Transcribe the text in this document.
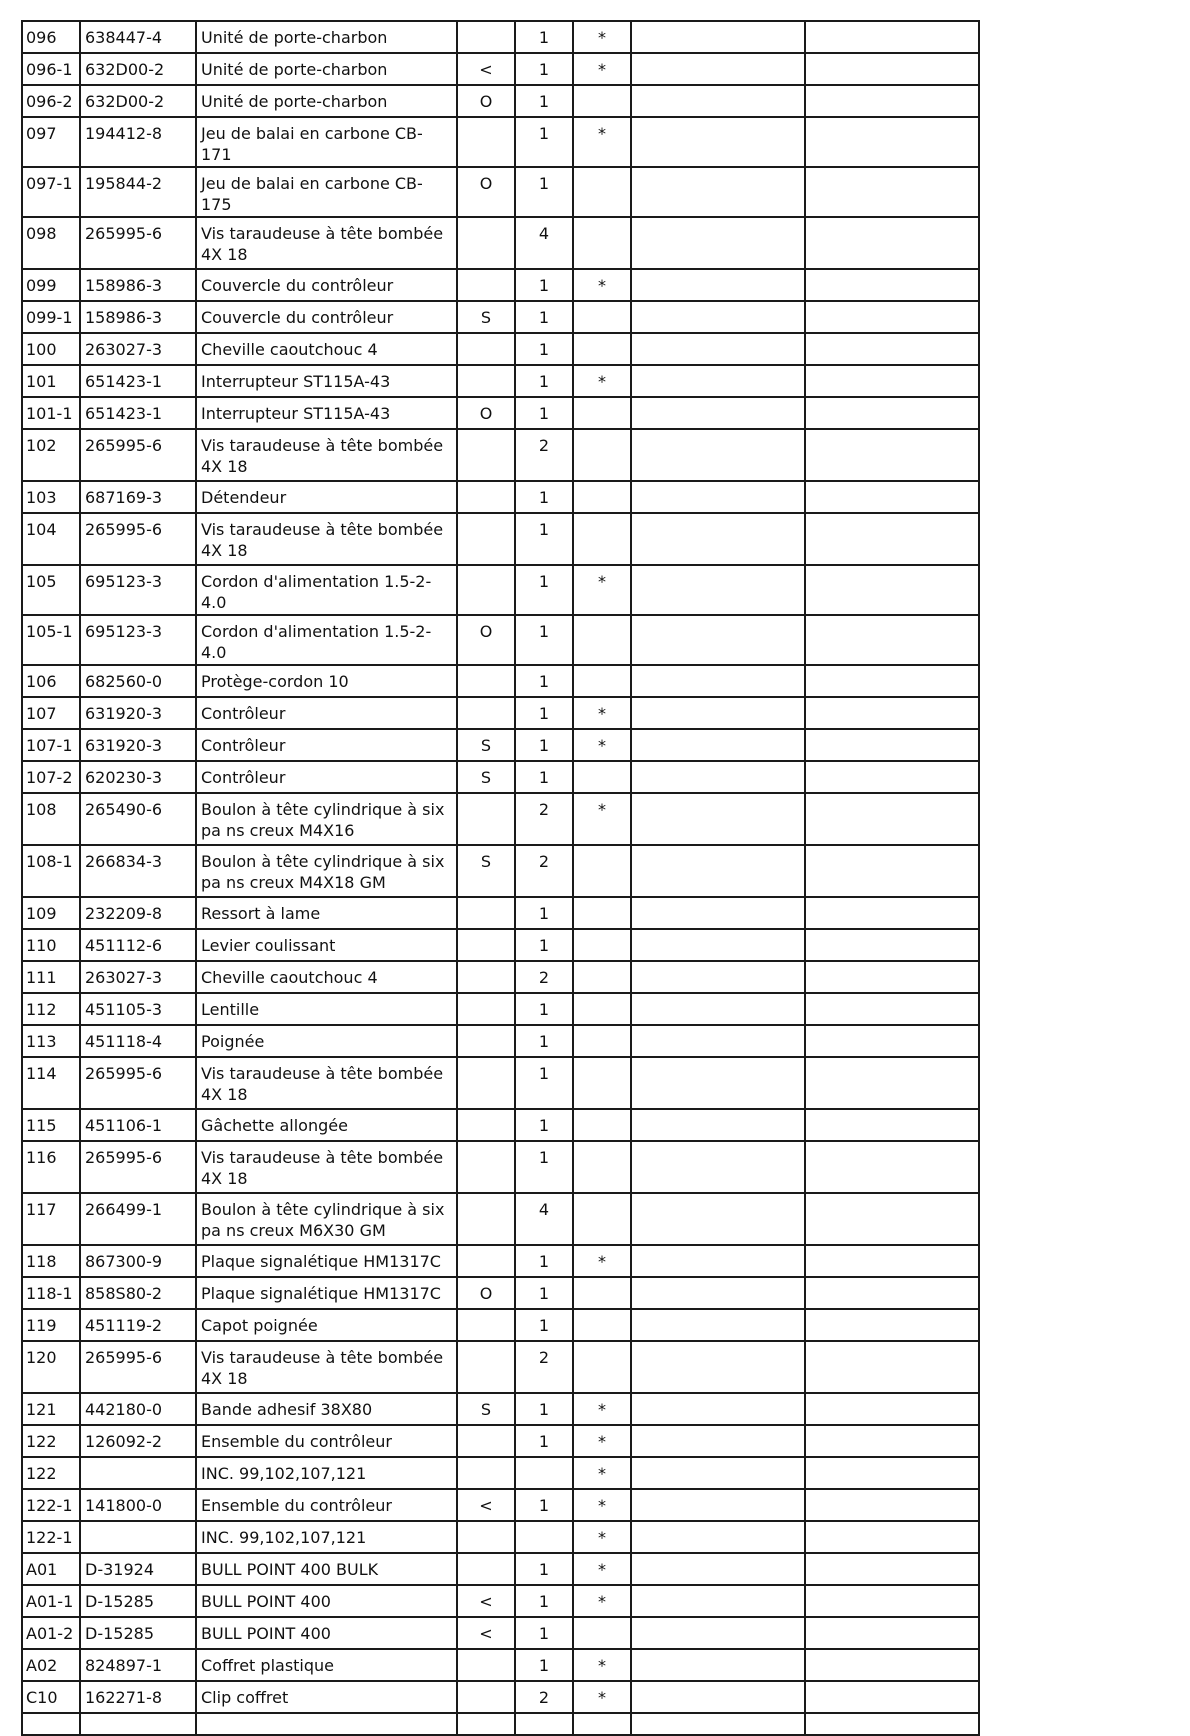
096	638447-4	Unité de porte-charbon		1	*		
096-1	632D00-2	Unité de porte-charbon	<	1	*		
096-2	632D00-2	Unité de porte-charbon	O	1			
097	194412-8	Jeu de balai en carbone CB-171		1	*		
097-1	195844-2	Jeu de balai en carbone CB-175	O	1			
098	265995-6	Vis taraudeuse à tête bombée 4X 18		4			
099	158986-3	Couvercle du contrôleur		1	*		
099-1	158986-3	Couvercle du contrôleur	S	1			
100	263027-3	Cheville caoutchouc 4		1			
101	651423-1	Interrupteur ST115A-43		1	*		
101-1	651423-1	Interrupteur ST115A-43	O	1			
102	265995-6	Vis taraudeuse à tête bombée 4X 18		2			
103	687169-3	Détendeur		1			
104	265995-6	Vis taraudeuse à tête bombée 4X 18		1			
105	695123-3	Cordon d'alimentation 1.5-2-4.0		1	*		
105-1	695123-3	Cordon d'alimentation 1.5-2-4.0	O	1			
106	682560-0	Protège-cordon 10		1			
107	631920-3	Contrôleur		1	*		
107-1	631920-3	Contrôleur	S	1	*		
107-2	620230-3	Contrôleur	S	1			
108	265490-6	Boulon à tête cylindrique à six pa ns creux M4X16		2	*		
108-1	266834-3	Boulon à tête cylindrique à six pa ns creux M4X18 GM	S	2			
109	232209-8	Ressort à lame		1			
110	451112-6	Levier coulissant		1			
111	263027-3	Cheville caoutchouc 4		2			
112	451105-3	Lentille		1			
113	451118-4	Poignée		1			
114	265995-6	Vis taraudeuse à tête bombée 4X 18		1			
115	451106-1	Gâchette allongée		1			
116	265995-6	Vis taraudeuse à tête bombée 4X 18		1			
117	266499-1	Boulon à tête cylindrique à six pa ns creux M6X30 GM		4			
118	867300-9	Plaque signalétique HM1317C		1	*		
118-1	858S80-2	Plaque signalétique HM1317C	O	1			
119	451119-2	Capot poignée		1			
120	265995-6	Vis taraudeuse à tête bombée 4X 18		2			
121	442180-0	Bande adhesif 38X80	S	1	*		
122	126092-2	Ensemble du contrôleur		1	*		
122		INC. 99,102,107,121			*		
122-1	141800-0	Ensemble du contrôleur	<	1	*		
122-1		INC. 99,102,107,121			*		
A01	D-31924	BULL POINT 400 BULK		1	*		
A01-1	D-15285	BULL POINT 400	<	1	*		
A01-2	D-15285	BULL POINT 400	<	1			
A02	824897-1	Coffret plastique		1	*		
C10	162271-8	Clip coffret		2	*		
